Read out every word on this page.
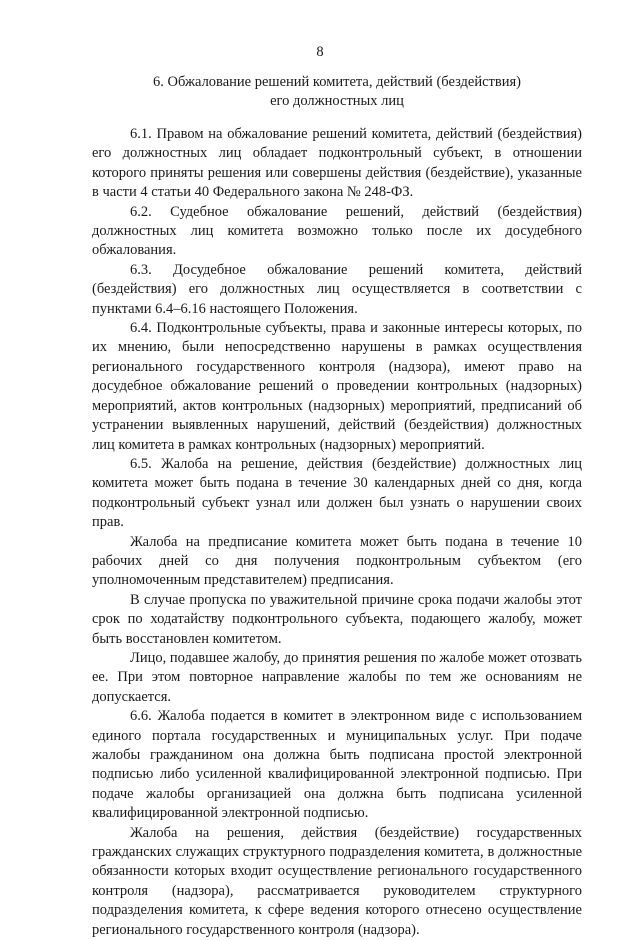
8
6. Обжалование решений комитета, действий (бездействия)
его должностных лиц

6.1. Правом на обжалование решений комитета, действий (бездействия) его должностных лиц обладает подконтрольный субъект, в отношении которого приняты решения или совершены действия (бездействие), указанные в части 4 статьи 40 Федерального закона № 248-ФЗ.

6.2. Судебное обжалование решений, действий (бездействия) должностных лиц комитета возможно только после их досудебного обжалования.

6.3. Досудебное обжалование решений комитета, действий (бездействия) его должностных лиц осуществляется в соответствии с пунктами 6.4–6.16 настоящего Положения.

6.4. Подконтрольные субъекты, права и законные интересы которых, по их мнению, были непосредственно нарушены в рамках осуществления регионального государственного контроля (надзора), имеют право на досудебное обжалование решений о проведении контрольных (надзорных) мероприятий, актов контрольных (надзорных) мероприятий, предписаний об устранении выявленных нарушений, действий (бездействия) должностных лиц комитета в рамках контрольных (надзорных) мероприятий.

6.5. Жалоба на решение, действия (бездействие) должностных лиц комитета может быть подана в течение 30 календарных дней со дня, когда подконтрольный субъект узнал или должен был узнать о нарушении своих прав.

Жалоба на предписание комитета может быть подана в течение 10 рабочих дней со дня получения подконтрольным субъектом (его уполномоченным представителем) предписания.

В случае пропуска по уважительной причине срока подачи жалобы этот срок по ходатайству подконтрольного субъекта, подающего жалобу, может быть восстановлен комитетом.

Лицо, подавшее жалобу, до принятия решения по жалобе может отозвать ее. При этом повторное направление жалобы по тем же основаниям не допускается.

6.6. Жалоба подается в комитет в электронном виде с использованием единого портала государственных и муниципальных услуг. При подаче жалобы гражданином она должна быть подписана простой электронной подписью либо усиленной квалифицированной электронной подписью. При подаче жалобы организацией она должна быть подписана усиленной квалифицированной электронной подписью.

Жалоба на решения, действия (бездействие) государственных гражданских служащих структурного подразделения комитета, в должностные обязанности которых входит осуществление регионального государственного контроля (надзора), рассматривается руководителем структурного подразделения комитета, к сфере ведения которого отнесено осуществление регионального государственного контроля (надзора).
